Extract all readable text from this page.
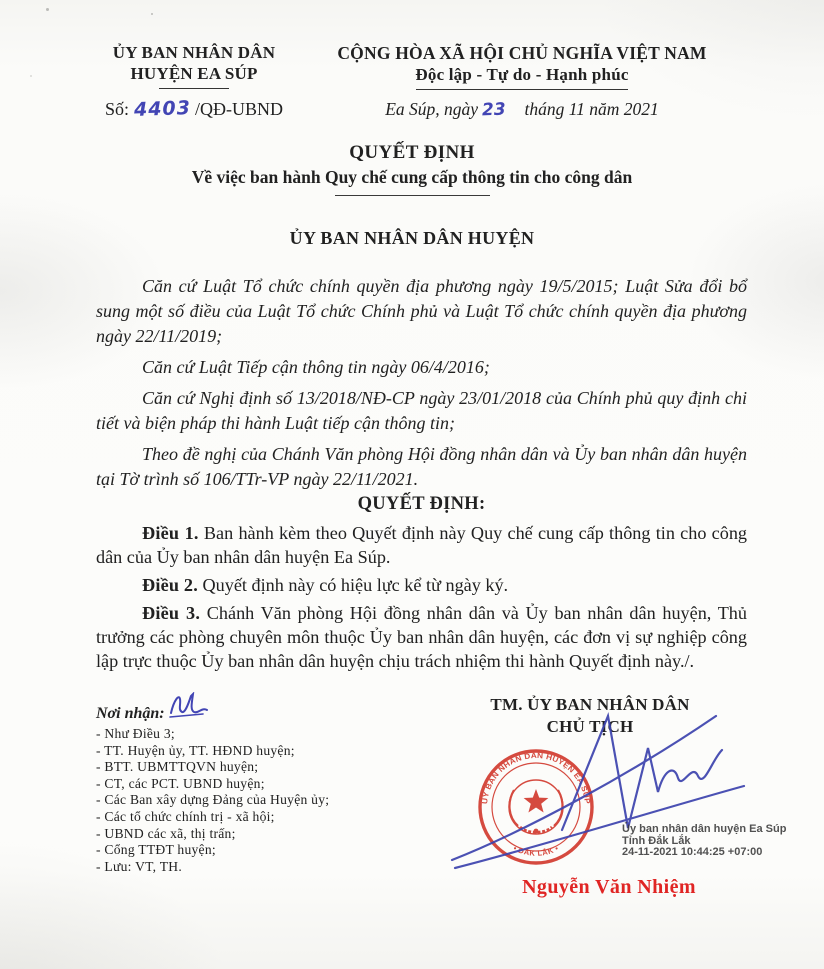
ỦY BAN NHÂN DÂN
HUYỆN EA SÚP
Số: 4403 /QĐ-UBND
CỘNG HÒA XÃ HỘI CHỦ NGHĨA VIỆT NAM
Độc lập - Tự do - Hạnh phúc
Ea Súp, ngày 23 tháng 11 năm 2021
QUYẾT ĐỊNH
Về việc ban hành Quy chế cung cấp thông tin cho công dân
ỦY BAN NHÂN DÂN HUYỆN

Căn cứ Luật Tổ chức chính quyền địa phương ngày 19/5/2015; Luật Sửa đổi bổ sung một số điều của Luật Tổ chức Chính phủ và Luật Tổ chức chính quyền địa phương ngày 22/11/2019;

Căn cứ Luật Tiếp cận thông tin ngày 06/4/2016;

Căn cứ Nghị định số 13/2018/NĐ-CP ngày 23/01/2018 của Chính phủ quy định chi tiết và biện pháp thi hành Luật tiếp cận thông tin;

Theo đề nghị của Chánh Văn phòng Hội đồng nhân dân và Ủy ban nhân dân huyện tại Tờ trình số 106/TTr-VP ngày 22/11/2021.

QUYẾT ĐỊNH:

Điều 1. Ban hành kèm theo Quyết định này Quy chế cung cấp thông tin cho công dân của Ủy ban nhân dân huyện Ea Súp.

Điều 2. Quyết định này có hiệu lực kể từ ngày ký.

Điều 3. Chánh Văn phòng Hội đồng nhân dân và Ủy ban nhân dân huyện, Thủ trưởng các phòng chuyên môn thuộc Ủy ban nhân dân huyện, các đơn vị sự nghiệp công lập trực thuộc Ủy ban nhân dân huyện chịu trách nhiệm thi hành Quyết định này./.

Nơi nhận:
- Như Điều 3;
- TT. Huyện ủy, TT. HĐND huyện;
- BTT. UBMTTQVN huyện;
- CT, các PCT. UBND huyện;
- Các Ban xây dựng Đảng của Huyện ủy;
- Các tổ chức chính trị - xã hội;
- UBND các xã, thị trấn;
- Cổng TTĐT huyện;
- Lưu: VT, TH.
TM. ỦY BAN NHÂN DÂN
CHỦ TỊCH
ỦY BAN NHÂN DÂN HUYỆN EA SÚP
• ĐẮK LẮK •
Ủy ban nhân dân huyện Ea Súp
Tỉnh Đắk Lắk
24-11-2021 10:44:25 +07:00
Nguyễn Văn Nhiệm
